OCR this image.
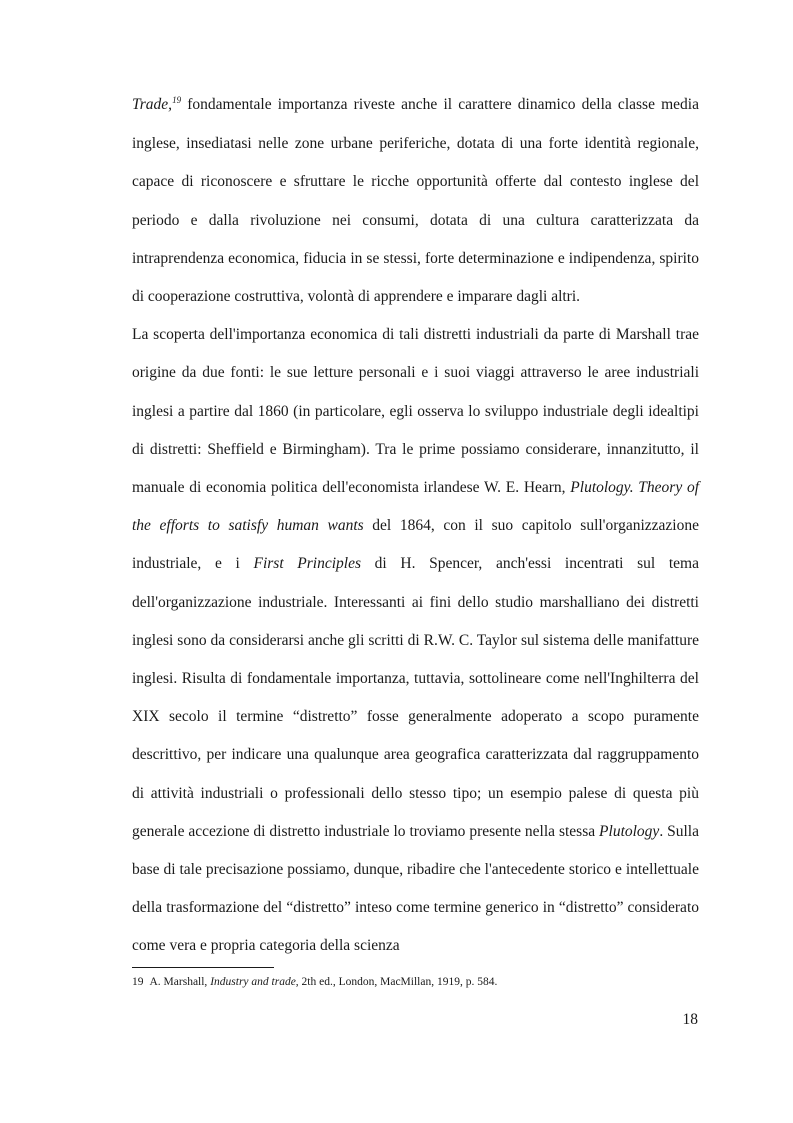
Trade,$^{19}$ fondamentale importanza riveste anche il carattere dinamico della classe media inglese, insediatasi nelle zone urbane periferiche, dotata di una forte identità regionale, capace di riconoscere e sfruttare le ricche opportunità offerte dal contesto inglese del periodo e dalla rivoluzione nei consumi, dotata di una cultura caratterizzata da intraprendenza economica, fiducia in se stessi, forte determinazione e indipendenza, spirito di cooperazione costruttiva, volontà di apprendere e imparare dagli altri.

La scoperta dell'importanza economica di tali distretti industriali da parte di Marshall trae origine da due fonti: le sue letture personali e i suoi viaggi attraverso le aree industriali inglesi a partire dal 1860 (in particolare, egli osserva lo sviluppo industriale degli idealtipi di distretti: Sheffield e Birmingham). Tra le prime possiamo considerare, innanzitutto, il manuale di economia politica dell'economista irlandese W. E. Hearn, Plutology. Theory of the efforts to satisfy human wants del 1864, con il suo capitolo sull'organizzazione industriale, e i First Principles di H. Spencer, anch'essi incentrati sul tema dell'organizzazione industriale. Interessanti ai fini dello studio marshalliano dei distretti inglesi sono da considerarsi anche gli scritti di R.W. C. Taylor sul sistema delle manifatture inglesi. Risulta di fondamentale importanza, tuttavia, sottolineare come nell'Inghilterra del XIX secolo il termine “distretto” fosse generalmente adoperato a scopo puramente descrittivo, per indicare una qualunque area geografica caratterizzata dal raggruppamento di attività industriali o professionali dello stesso tipo; un esempio palese di questa più generale accezione di distretto industriale lo troviamo presente nella stessa Plutology. Sulla base di tale precisazione possiamo, dunque, ribadire che l'antecedente storico e intellettuale della trasformazione del “distretto” inteso come termine generico in “distretto” considerato come vera e propria categoria della scienza

19 A. Marshall, Industry and trade, 2th ed., London, MacMillan, 1919, p. 584.

18
